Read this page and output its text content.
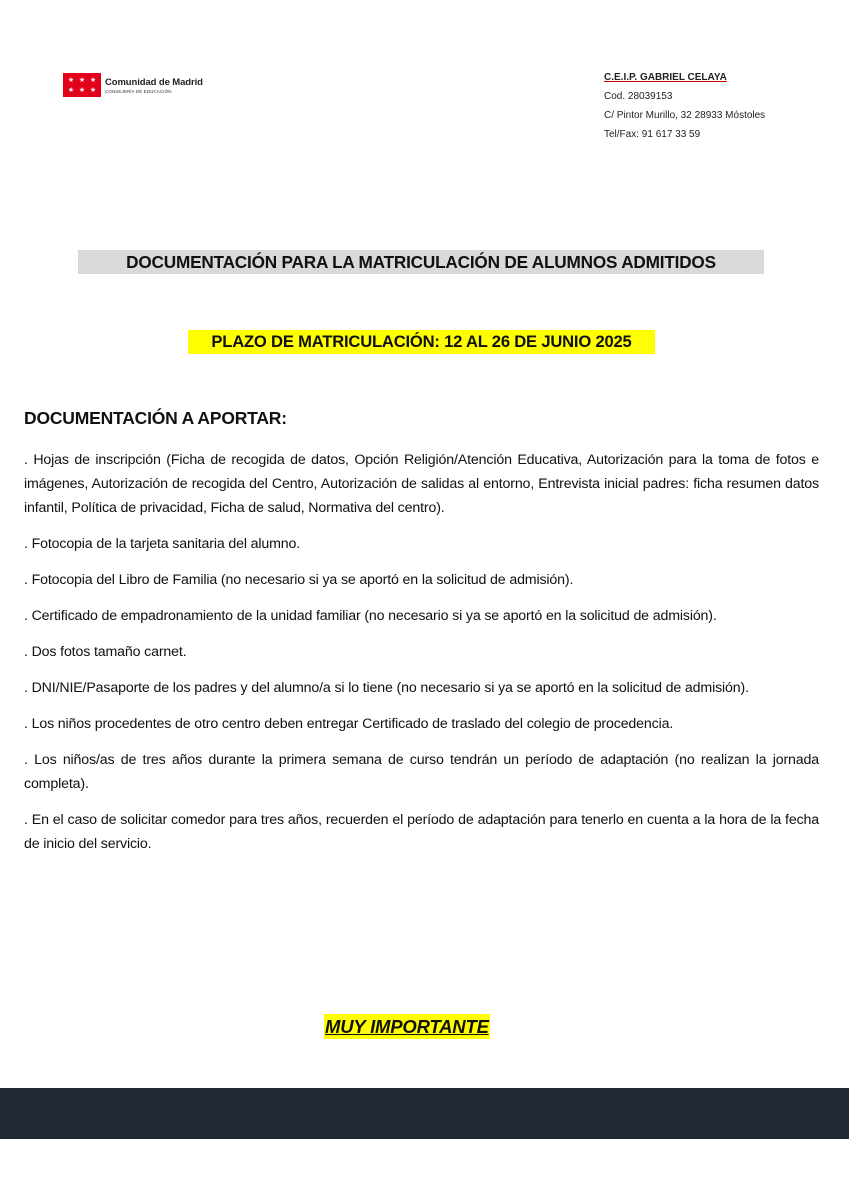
★ ★ ★
★ ★ ★
Comunidad de Madrid
CONSEJERÍA DE EDUCACIÓN
C.E.I.P. GABRIEL CELAYA
Cod. 28039153
C/ Pintor Murillo, 32 28933 Móstoles
Tel/Fax: 91 617 33 59
DOCUMENTACIÓN PARA LA MATRICULACIÓN DE ALUMNOS ADMITIDOS
PLAZO DE MATRICULACIÓN: 12 AL 26 DE JUNIO 2025
DOCUMENTACIÓN A APORTAR:

. Hojas de inscripción (Ficha de recogida de datos, Opción Religión/Atención Educativa, Autorización para la toma de fotos e imágenes, Autorización de recogida del Centro, Autorización de salidas al entorno, Entrevista inicial padres: ficha resumen datos infantil, Política de privacidad, Ficha de salud, Normativa del centro).

. Fotocopia de la tarjeta sanitaria del alumno.

. Fotocopia del Libro de Familia (no necesario si ya se aportó en la solicitud de admisión).

. Certificado de empadronamiento de la unidad familiar (no necesario si ya se aportó en la solicitud de admisión).

. Dos fotos tamaño carnet.

. DNI/NIE/Pasaporte de los padres y del alumno/a si lo tiene (no necesario si ya se aportó en la solicitud de admisión).

. Los niños procedentes de otro centro deben entregar Certificado de traslado del colegio de procedencia.

. Los niños/as de tres años durante la primera semana de curso tendrán un período de adaptación (no realizan la jornada completa).

. En el caso de solicitar comedor para tres años, recuerden el período de adaptación para tenerlo en cuenta a la hora de la fecha de inicio del servicio.

MUY IMPORTANTE
